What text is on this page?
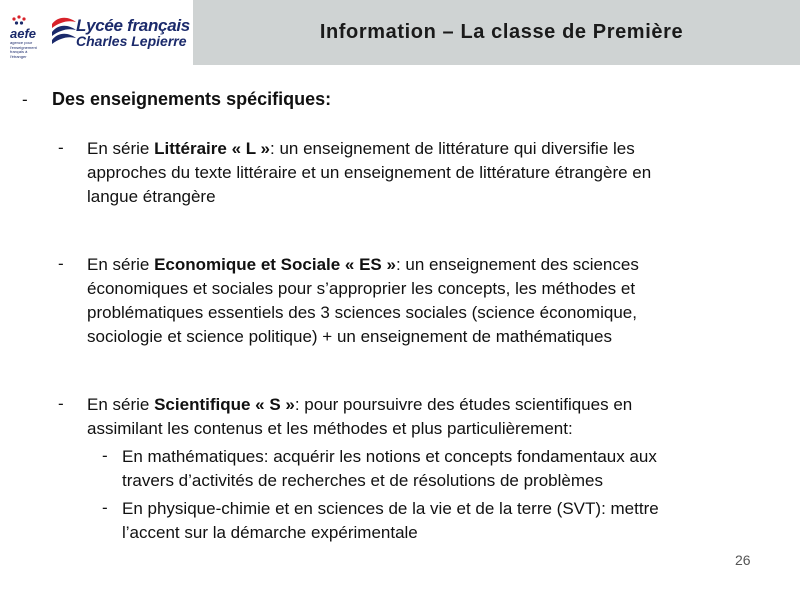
aefe
agence pour l'enseignement français à l'étranger
Lycée français
Charles Lepierre	Information – La classe de Première
- Des enseignements spécifiques:
- En série Littéraire « L »: un enseignement de littérature qui diversifie les
approches du texte littéraire et un enseignement de littérature étrangère en
langue étrangère
- En série Economique et Sociale « ES »: un enseignement des sciences
économiques et sociales pour s’approprier les concepts, les méthodes et
problématiques essentiels des 3 sciences sociales (science économique,
sociologie et science politique) + un enseignement de mathématiques
- En série Scientifique « S »: pour poursuivre des études scientifiques en
assimilant les contenus et les méthodes et plus particulièrement:
- En mathématiques: acquérir les notions et concepts fondamentaux aux
travers d’activités de recherches et de résolutions de problèmes
- En physique-chimie et en sciences de la vie et de la terre (SVT): mettre
l’accent sur la démarche expérimentale
26
